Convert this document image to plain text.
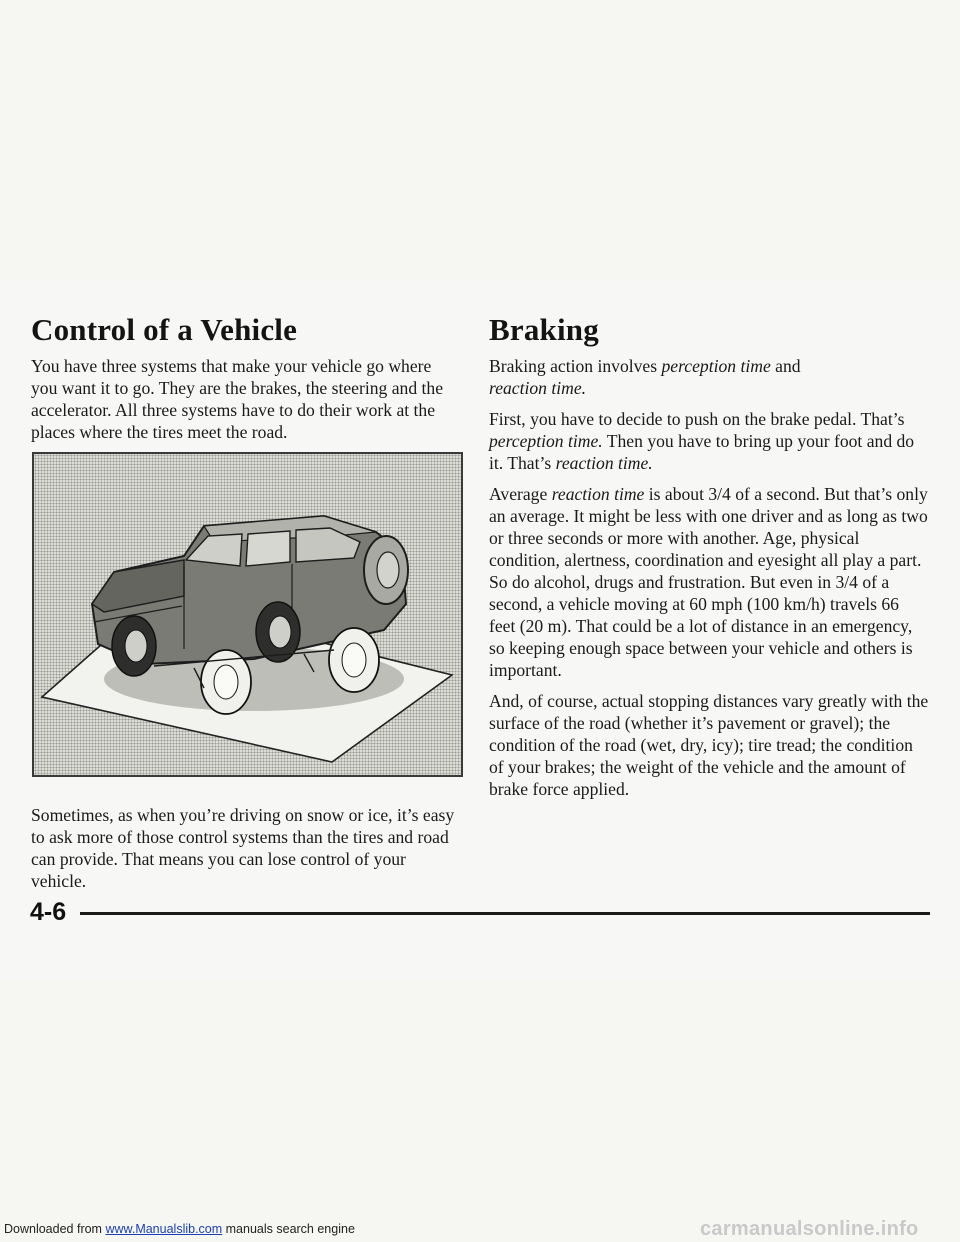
Control of a Vehicle

You have three systems that make your vehicle go where you want it to go. They are the brakes, the steering and the accelerator. All three systems have to do their work at the places where the tires meet the road.

Sometimes, as when you’re driving on snow or ice, it’s easy to ask more of those control systems than the tires and road can provide. That means you can lose control of your vehicle.

Braking

Braking action involves perception time and
reaction time.

First, you have to decide to push on the brake pedal. That’s perception time. Then you have to bring up your foot and do it. That’s reaction time.

Average reaction time is about 3/4 of a second. But that’s only an average. It might be less with one driver and as long as two or three seconds or more with another. Age, physical condition, alertness, coordination and eyesight all play a part. So do alcohol, drugs and frustration. But even in 3/4 of a second, a vehicle moving at 60 mph (100 km/h) travels 66 feet (20 m). That could be a lot of distance in an emergency, so keeping enough space between your vehicle and others is important.

And, of course, actual stopping distances vary greatly with the surface of the road (whether it’s pavement or gravel); the condition of the road (wet, dry, icy); tire tread; the condition of your brakes; the weight of the vehicle and the amount of brake force applied.

4-6
Downloaded from www.Manualslib.com manuals search engine	carmanualsonline.info
